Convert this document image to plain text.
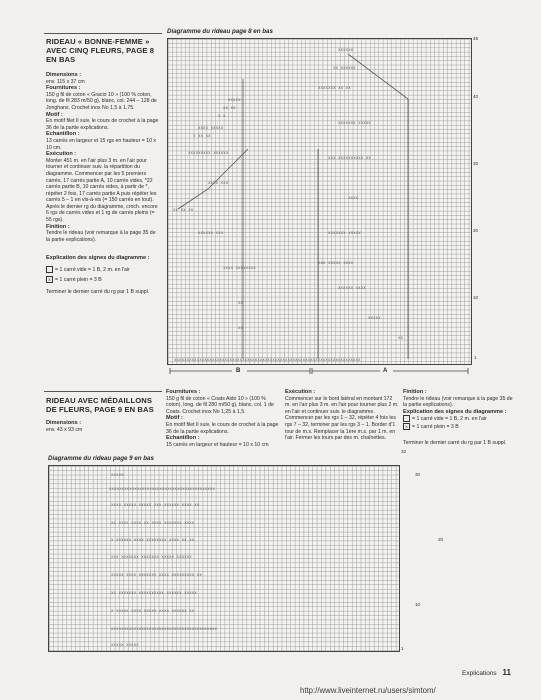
RIDEAU « BONNE-FEMME » AVEC CINQ FLEURS, PAGE 8 EN BAS

Dimensions :

env. 115 x 37 cm

Fournitures :

150 g fil de coton « Gracio 10 » (100 % coton, long. de fil 283 m/50 g), blanc, col. 244 – 128 de Jonghans. Crochet inox No 1,5 à 1,75.

Motif :

En motif filet Il suiv. le cours de crochet à la page 36 de la partie explications.

Echantillon :

13 carrés en largeur et 15 rgs en hauteur = 10 x 10 cm.

Exécution :

Monter 451 m. en l'air plus 3 m. en l'air pour tourner et continuer suiv. la répartition du diagramme. Commencer par les 5 premiers carrés, 17 carrés partie A, 10 carrés vides, *22 carrés partie B, 10 carrés vides, à partir de *, répéter 2 fois, 17 carrés partie A puis répéter les carrés 5 – 1 en vis-à-vis (= 150 carrés en tout). Après le dernier rg du diagramme, croch. encore 6 rgs de carrés vides et 1 rg de carrés pleins (= 55 rgs).

Finition :

Tendre le rideau (voir remarque à la page 35 de la partie explications).

Explication des signes du diagramme :

= 1 carré vide = 1 B, 2 m. en l'air

X = 1 carré plein = 3 B

Terminer le dernier carré du rg par 1 B suppl.

Diagramme du rideau page 8 en bas
xxxxxxxxxxxxxxxxxxxxxxxxxxxxxxxxxxxxxxxxxxxxxxxxxxxxxxxxxxxxxxxxxxxxxxxxxx
xxxxx
xx xx
x x
xxxx xxxxx
x xx xx
xxxxxxxxx xxxxxx
xxxx xxx
xx xx xx
xxxxxx xxx
xxxx xxxxxxxx
xx
xx
xxxxxx
xx xxxxxx
xxxxxxx xx xx
xxxxxxx xxxxx
xxx xxxxxxxxxx xx
xxxx
xxxxxxx xxxxx
xxx xxxxx xxxx
xxxxxx xxxx
xxxxx
xx
48
40
30
20
10
1
B	A
RIDEAU AVEC MÉDAILLONS DE FLEURS, PAGE 9 EN BAS

Dimensions :

env. 43 x 93 cm

Fournitures :

150 g fil de coton « Coats Aido 10 » (100 % coton), long. de fil 280 m/50 g), blanc, col. 1 de Coats. Crochet inox No 1,25 à 1,5.

Motif :

En motif filet Il suiv. le cours de crochet à la page 36 de la partie explications.

Echantillon :

15 carrés en largeur et hauteur = 10 x 10 cm

Exécution :

Commencer sur le bord latéral en montant 172 m. en l'air plus 3 m. en l'air pour tourner plus 2 m. en l'air et continuer suiv. le diagramme. Commencer par les rgs 1 – 32, répéter 4 fois les rgs 7 – 32, terminer par les rgs 3 – 1. Border d'1 tour de m.s. Remplacer la 1ère m.s. par 1 m. en l'air. Fermer les tours par des m. chaînettes.

Finition :

Tendre le rideau (voir remarque à la page 35 de la partie explications).

Explication des signes du diagramme :

= 1 carré vide = 1 B, 2 m. en l'air

X = 1 carré plein = 3 B

Terminer le dernier carré du rg par 1 B suppl.

Diagramme du rideau page 9 en bas
xxxxx
xxxxxxxxxxxxxxxxxxxxxxxxxxxxxxxxxxxxxxxxxx
xxxx xxxxx xxxxx xxx xxxxxx xxxx xx
xx xxxx xxxx xx xxxx xxxxxxx xxxx
x xxxxxx xxxx xxxxxxxx xxxx xx xx
xxx xxxxxxx xxxxxxx xxxxx xxxxxx
xxxxx xxxx xxxxxxx xxxx xxxxxxxxx xx
xx xxxxxxx xxxxxxxxxx xxxxxx xxxxx
x xxxxx xxxx xxxxx xxxx xxxxxx xx
xxxxxxxxxxxxxxxxxxxxxxxxxxxxxxxxxxxxxxxxxx
xxxxx xxxxx
32
30
20
10
1
Explications 11
http://www.liveinternet.ru/users/simtom/
